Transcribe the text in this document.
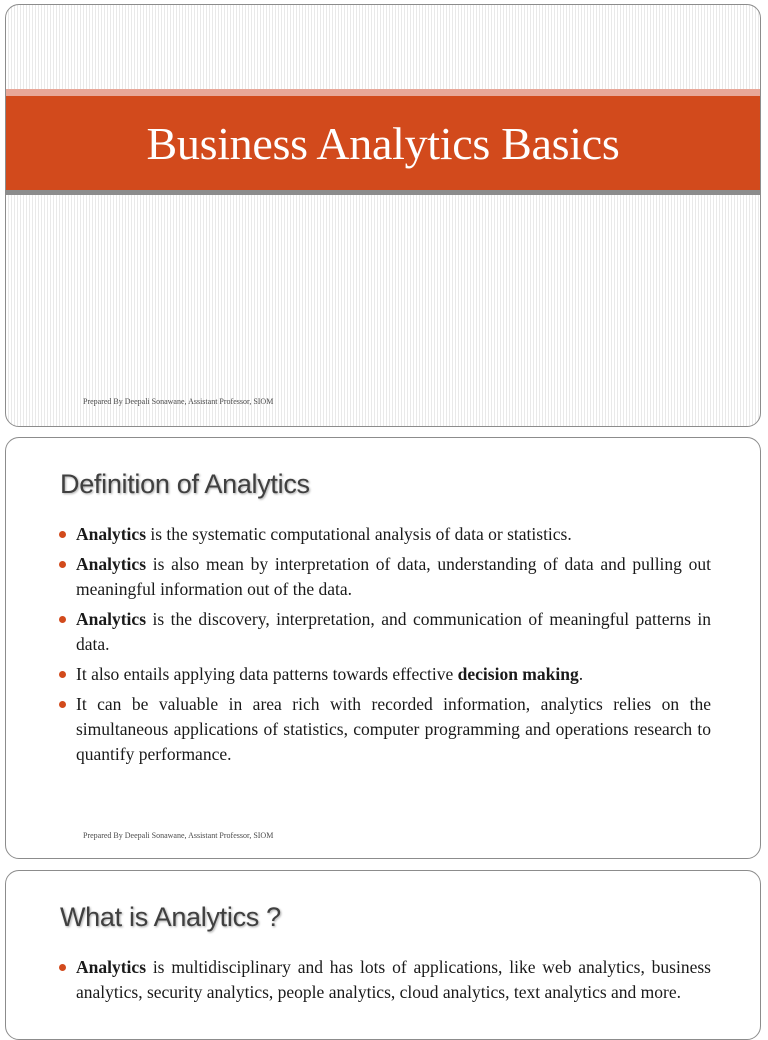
Business Analytics Basics
Prepared By Deepali Sonawane, Assistant Professor, SIOM
Definition of Analytics
Analytics is the systematic computational analysis of data or statistics.
Analytics is also mean by interpretation of data, understanding of data and pulling out meaningful information out of the data.
Analytics is the discovery, interpretation, and communication of meaningful patterns in data.
It also entails applying data patterns towards effective decision making.
It can be valuable in area rich with recorded information, analytics relies on the simultaneous applications of statistics, computer programming and operations research to quantify performance.
Prepared By Deepali Sonawane, Assistant Professor, SIOM
What is Analytics ?
Analytics is multidisciplinary and has lots of applications, like web analytics, business analytics, security analytics, people analytics, cloud analytics, text analytics and more.
